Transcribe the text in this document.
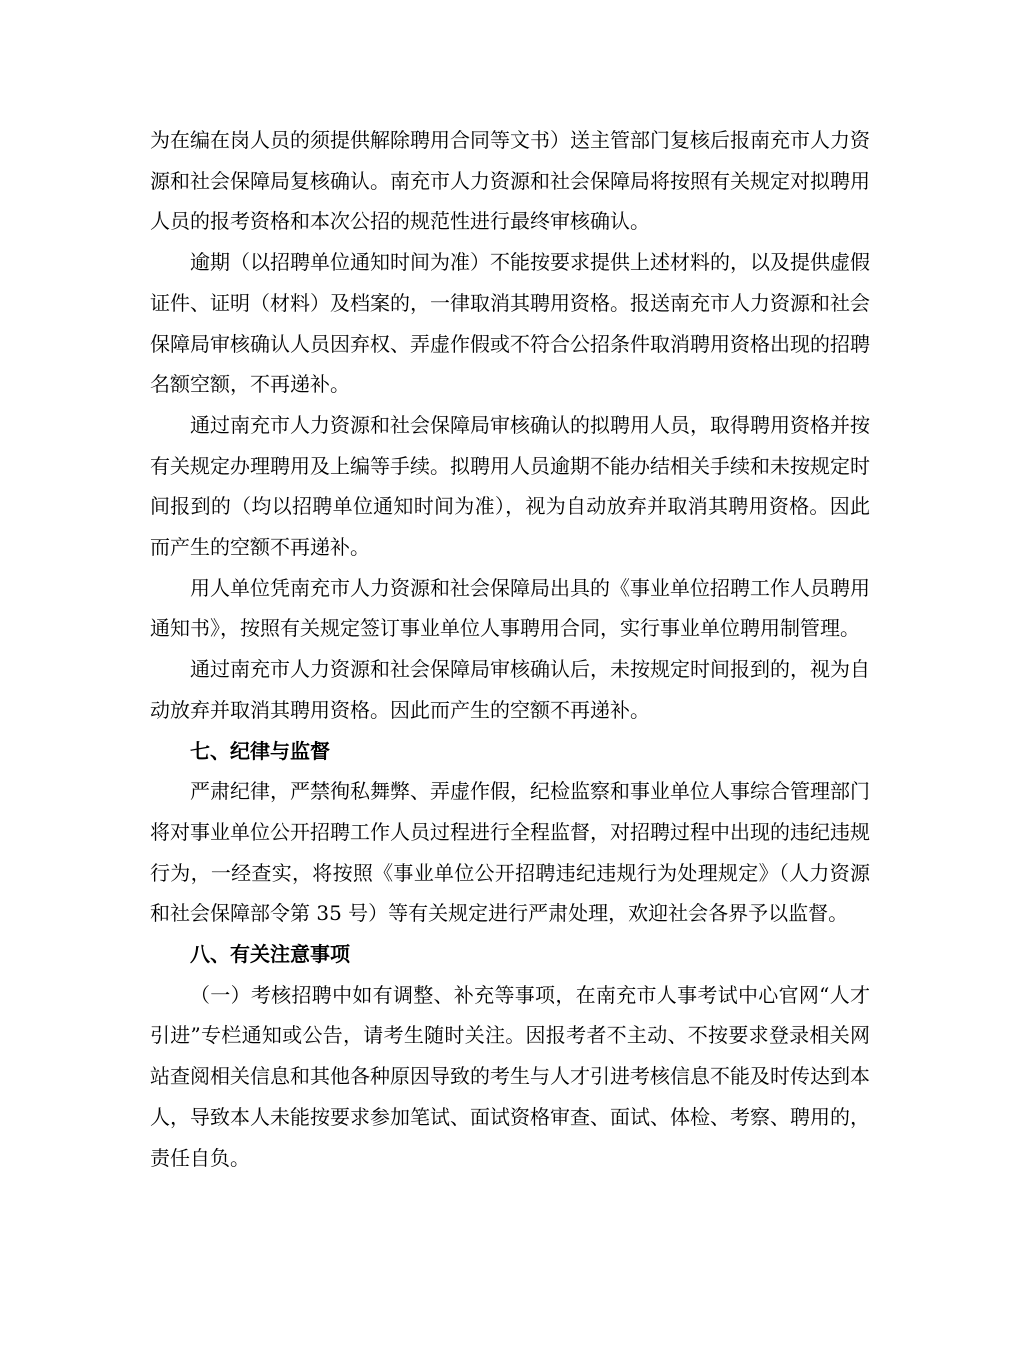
为在编在岗人员的须提供解除聘用合同等文书）送主管部门复核后报南充市人力资源和社会保障局复核确认。南充市人力资源和社会保障局将按照有关规定对拟聘用人员的报考资格和本次公招的规范性进行最终审核确认。

逾期（以招聘单位通知时间为准）不能按要求提供上述材料的，以及提供虚假证件、证明（材料）及档案的，一律取消其聘用资格。报送南充市人力资源和社会保障局审核确认人员因弃权、弄虚作假或不符合公招条件取消聘用资格出现的招聘名额空额，不再递补。

通过南充市人力资源和社会保障局审核确认的拟聘用人员，取得聘用资格并按有关规定办理聘用及上编等手续。拟聘用人员逾期不能办结相关手续和未按规定时间报到的（均以招聘单位通知时间为准），视为自动放弃并取消其聘用资格。因此而产生的空额不再递补。

用人单位凭南充市人力资源和社会保障局出具的《事业单位招聘工作人员聘用通知书》，按照有关规定签订事业单位人事聘用合同，实行事业单位聘用制管理。

通过南充市人力资源和社会保障局审核确认后，未按规定时间报到的，视为自动放弃并取消其聘用资格。因此而产生的空额不再递补。

七、纪律与监督

严肃纪律，严禁徇私舞弊、弄虚作假，纪检监察和事业单位人事综合管理部门将对事业单位公开招聘工作人员过程进行全程监督，对招聘过程中出现的违纪违规行为，一经查实，将按照《事业单位公开招聘违纪违规行为处理规定》（人力资源和社会保障部令第 35 号）等有关规定进行严肃处理，欢迎社会各界予以监督。

八、有关注意事项

（一）考核招聘中如有调整、补充等事项，在南充市人事考试中心官网“人才引进”专栏通知或公告，请考生随时关注。因报考者不主动、不按要求登录相关网站查阅相关信息和其他各种原因导致的考生与人才引进考核信息不能及时传达到本人，导致本人未能按要求参加笔试、面试资格审查、面试、体检、考察、聘用的，责任自负。
